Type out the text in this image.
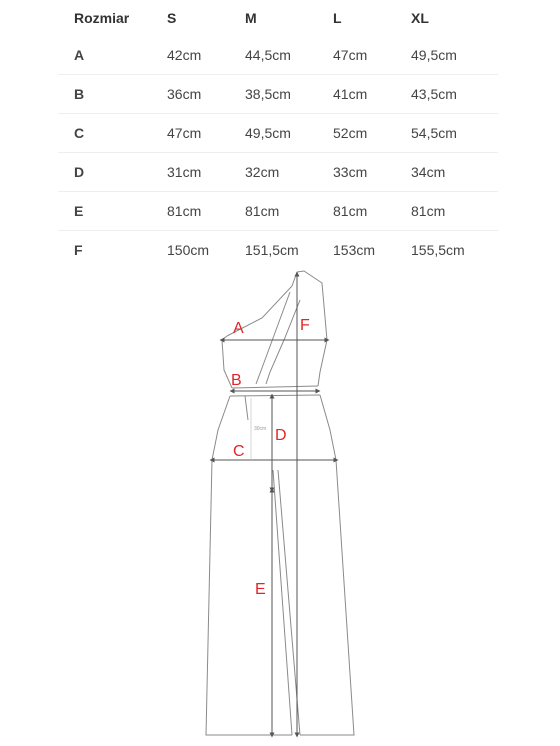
Rozmiar	S	M	L	XL
A	42cm	44,5cm	47cm	49,5cm
B	36cm	38,5cm	41cm	43,5cm
C	47cm	49,5cm	52cm	54,5cm
D	31cm	32cm	33cm	34cm
E	81cm	81cm	81cm	81cm
F	150cm	151,5cm	153cm	155,5cm
A	F
B
D
C
E
30cm
